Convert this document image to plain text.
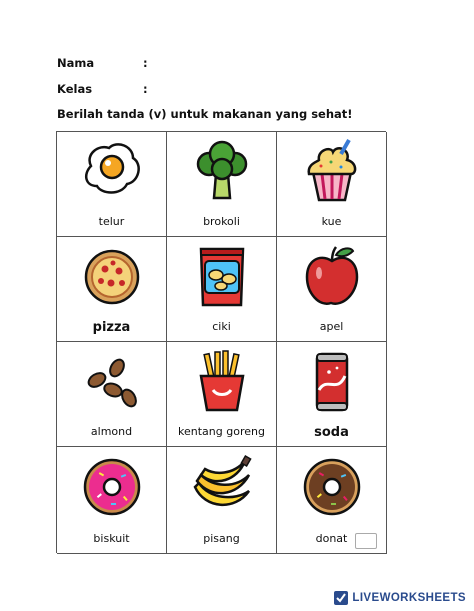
Nama	:
Kelas	:
Berilah tanda (v) untuk makanan yang sehat!
telur	brokoli	kue
pizza	ciki	apel
almond	kentang goreng	soda
biskuit	pisang	donat
LIVEWORKSHEETS
